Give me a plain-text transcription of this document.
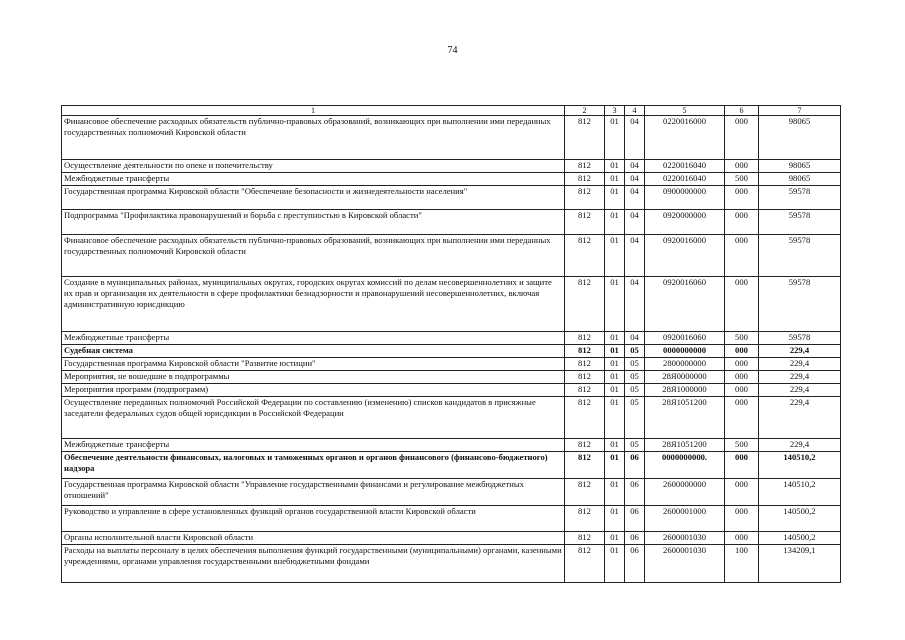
74
1	2	3	4	5	6	7
Финансовое обеспечение расходных обязательств публично-правовых образований, возникающих при выполнении ими переданных государственных полномочий Кировской области	812	01	04	0220016000	000	98065
Осуществление деятельности по опеке и попечительству	812	01	04	0220016040	000	98065
Межбюджетные трансферты	812	01	04	0220016040	500	98065
Государственная программа Кировской области "Обеспечение безопасности и жизнедеятельности населения"	812	01	04	0900000000	000	59578
Подпрограмма "Профилактика правонарушений и борьба с преступностью в Кировской области"	812	01	04	0920000000	000	59578
Финансовое обеспечение расходных обязательств публично-правовых образований, возникающих при выполнении ими переданных государственных полномочий Кировской области	812	01	04	0920016000	000	59578
Создание в муниципальных районах, муниципальных округах, городских округах комиссий по делам несовершеннолетних и защите их прав и организация их деятельности в сфере профилактики безнадзорности и правонарушений несовершеннолетних, включая административную юрисдикцию	812	01	04	0920016060	000	59578
Межбюджетные трансферты	812	01	04	0920016060	500	59578
Судебная система	812	01	05	0000000000	000	229,4
Государственная программа Кировской области "Развитие юстиции"	812	01	05	2800000000	000	229,4
Мероприятия, не вошедшие в подпрограммы	812	01	05	28Я0000000	000	229,4
Мероприятия программ (подпрограмм)	812	01	05	28Я1000000	000	229,4
Осуществление переданных полномочий Российской Федерации по составлению (изменению) списков кандидатов в присяжные заседатели федеральных судов общей юрисдикции в Российской Федерации	812	01	05	28Я1051200	000	229,4
Межбюджетные трансферты	812	01	05	28Я1051200	500	229,4
Обеспечение деятельности финансовых, налоговых и таможенных органов и органов финансового (финансово-бюджетного) надзора	812	01	06	0000000000.	000	140510,2
Государственная программа Кировской области "Управление государственными финансами и регулирование межбюджетных отношений"	812	01	06	2600000000	000	140510,2
Руководство и управление в сфере установленных функций органов государственной власти Кировской области	812	01	06	2600001000	000	140500,2
Органы исполнительной власти Кировской области	812	01	06	2600001030	000	140500,2
Расходы на выплаты персоналу в целях обеспечения выполнения функций государственными (муниципальными) органами, казенными учреждениями, органами управления государственными внебюджетными фондами	812	01	06	2600001030	100	134209,1
